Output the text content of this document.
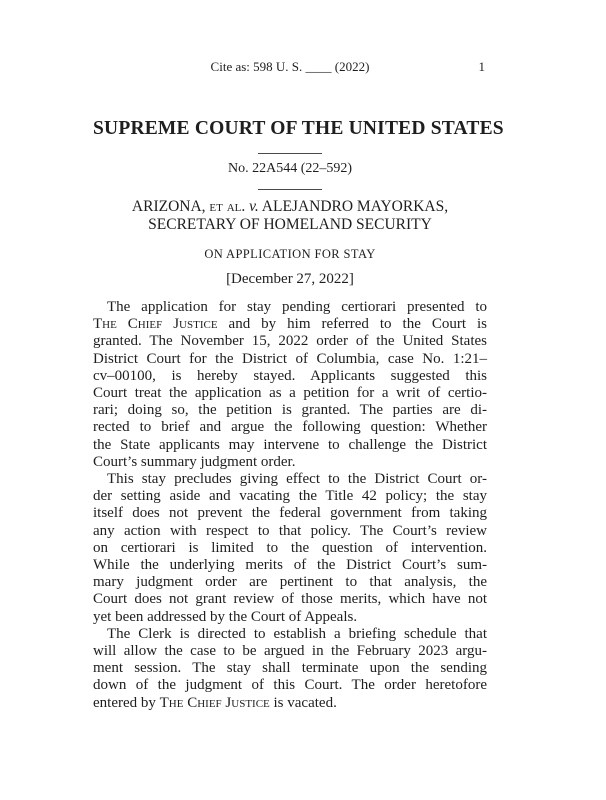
Cite as: 598 U. S. ____ (2022)	1
SUPREME COURT OF THE UNITED STATES
No. 22A544 (22–592)
ARIZONA, et al. v. ALEJANDRO MAYORKAS,
SECRETARY OF HOMELAND SECURITY
ON APPLICATION FOR STAY
[December 27, 2022]
The application for stay pending certiorari presented to
The Chief Justice and by him referred to the Court is
granted. The November 15, 2022 order of the United States
District Court for the District of Columbia, case No. 1:21–
cv–00100, is hereby stayed. Applicants suggested this
Court treat the application as a petition for a writ of certio-
rari; doing so, the petition is granted. The parties are di-
rected to brief and argue the following question: Whether
the State applicants may intervene to challenge the District
Court’s summary judgment order.
This stay precludes giving effect to the District Court or-
der setting aside and vacating the Title 42 policy; the stay
itself does not prevent the federal government from taking
any action with respect to that policy. The Court’s review
on certiorari is limited to the question of intervention.
While the underlying merits of the District Court’s sum-
mary judgment order are pertinent to that analysis, the
Court does not grant review of those merits, which have not
yet been addressed by the Court of Appeals.
The Clerk is directed to establish a briefing schedule that
will allow the case to be argued in the February 2023 argu-
ment session. The stay shall terminate upon the sending
down of the judgment of this Court. The order heretofore
entered by The Chief Justice is vacated.
